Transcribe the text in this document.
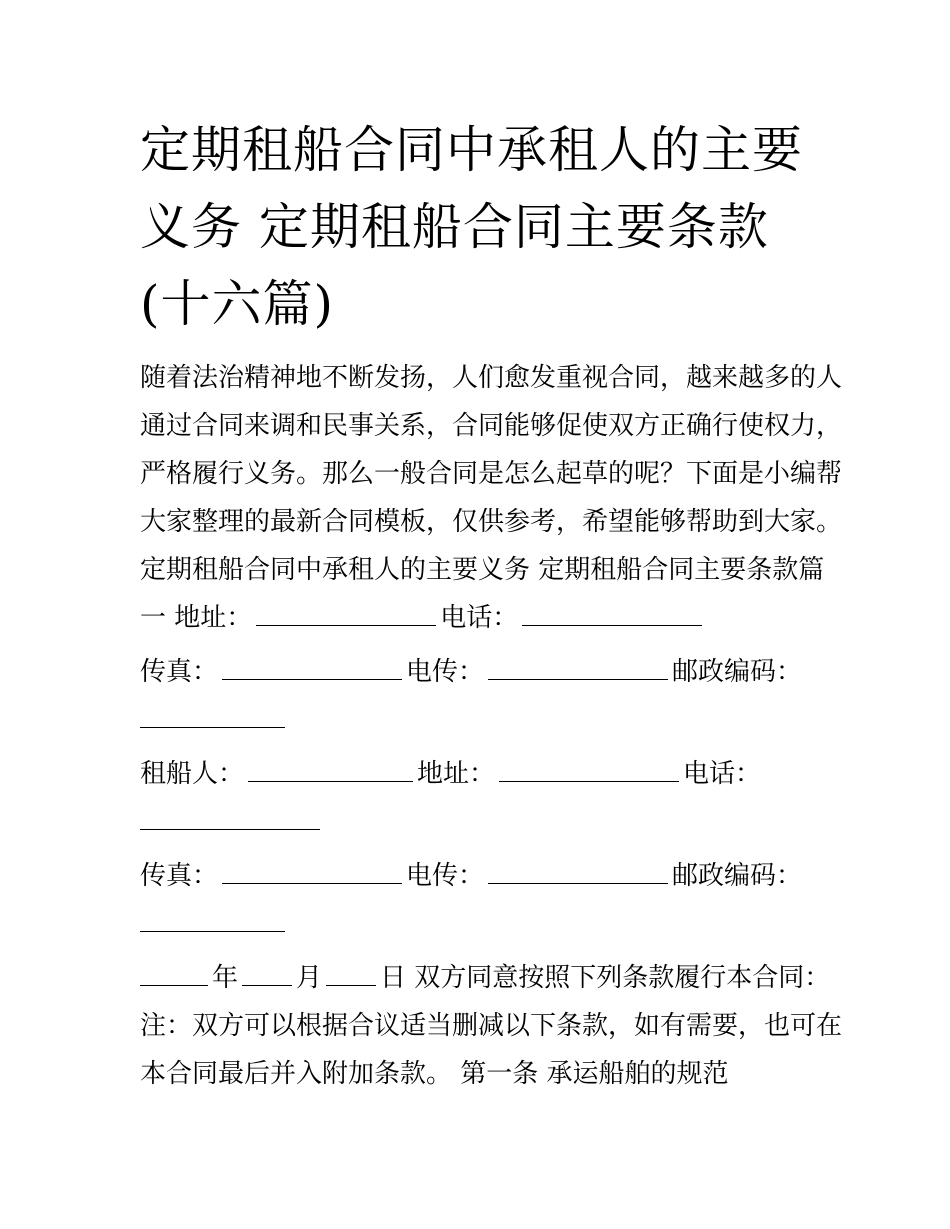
定期租船合同中承租人的主要
义务 定期租船合同主要条款
(十六篇)
随着法治精神地不断发扬，人们愈发重视合同，越来越多的人
通过合同来调和民事关系，合同能够促使双方正确行使权力，
严格履行义务。那么一般合同是怎么起草的呢？下面是小编帮
大家整理的最新合同模板，仅供参考，希望能够帮助到大家。
定期租船合同中承租人的主要义务 定期租船合同主要条款篇
一 地址：	电话：
传真：	电传：	邮政编码：
租船人：	地址：	电话：
传真：	电传：	邮政编码：
年 月 日 双方同意按照下列条款履行本合同：
注：双方可以根据合议适当删减以下条款，如有需要，也可在
本合同最后并入附加条款。 第一条 承运船舶的规范
